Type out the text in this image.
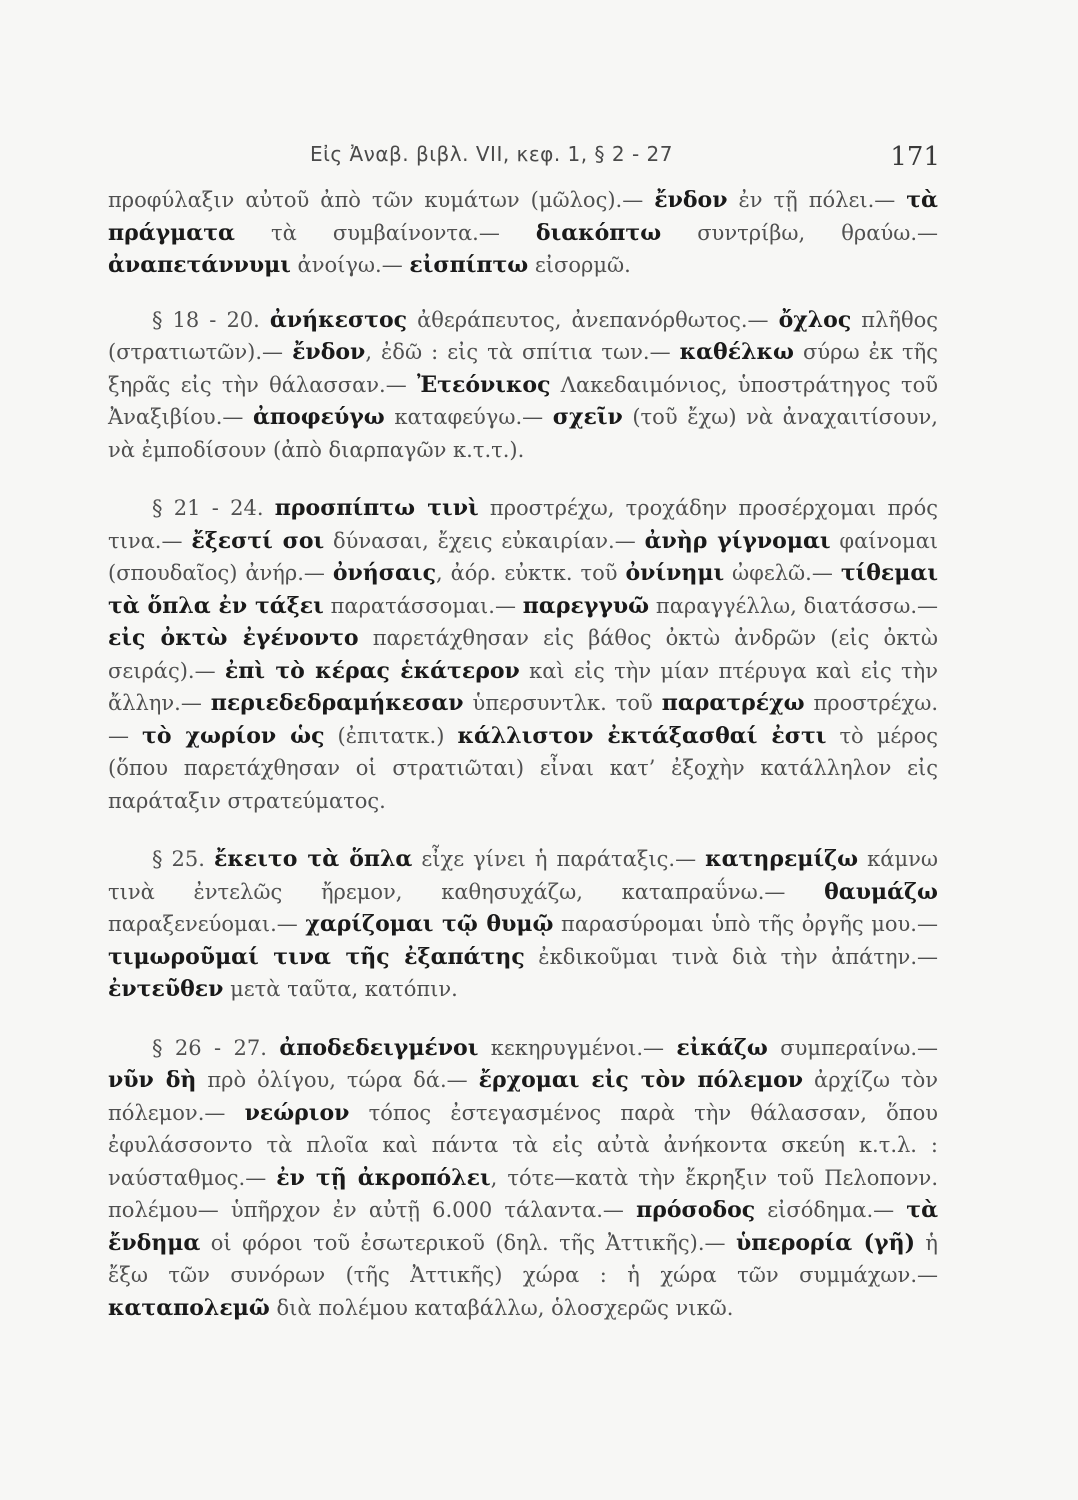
Εἰς Ἀναβ. βιβλ. VII, κεφ. 1, § 2 - 27	171

προφύλαξιν αὐτοῦ ἀπὸ τῶν κυμάτων (μῶλος).— ἔνδον ἐν τῇ πόλει.— τὰ πράγματα τὰ συμβαίνοντα.— διακόπτω συντρίβω, θραύω.— ἀναπετάννυμι ἀνοίγω.— εἰσπίπτω εἰσορμῶ.

§ 18 - 20. ἀνήκεστος ἀθεράπευτος, ἀνεπανόρθωτος.— ὄχλος πλῆθος (στρατιωτῶν).— ἔνδον, ἐδῶ : εἰς τὰ σπίτια των.— καθέλκω σύρω ἐκ τῆς ξηρᾶς εἰς τὴν θάλασσαν.— Ἐτεόνικος Λακεδαιμόνιος, ὑποστράτηγος τοῦ Ἀναξιβίου.— ἀποφεύγω καταφεύγω.— σχεῖν (τοῦ ἔχω) νὰ ἀναχαιτίσουν, νὰ ἐμποδίσουν (ἀπὸ διαρπαγῶν κ.τ.τ.).

§ 21 - 24. προσπίπτω τινὶ προστρέχω, τροχάδην προσέρχομαι πρός τινα.— ἔξεστί σοι δύνασαι, ἔχεις εὐκαιρίαν.— ἀνὴρ γίγνομαι φαίνομαι (σπουδαῖος) ἀνήρ.— ὀνήσαις, ἀόρ. εὐκτκ. τοῦ ὀνίνημι ὠφελῶ.— τίθεμαι τὰ ὅπλα ἐν τάξει παρατάσσομαι.— παρεγγυῶ παραγγέλλω, διατάσσω.— εἰς ὀκτὼ ἐγένοντο παρετάχθησαν εἰς βάθος ὀκτὼ ἀνδρῶν (εἰς ὀκτὼ σειράς).— ἐπὶ τὸ κέρας ἑκάτερον καὶ εἰς τὴν μίαν πτέρυγα καὶ εἰς τὴν ἄλλην.— περιεδεδραμήκεσαν ὑπερσυντλκ. τοῦ παρατρέχω προστρέχω.— τὸ χωρίον ὡς (ἐπιτατκ.) κάλλιστον ἐκτάξασθαί ἐστι τὸ μέρος (ὅπου παρετάχθησαν οἱ στρατιῶται) εἶναι κατ’ ἐξοχὴν κατάλληλον εἰς παράταξιν στρατεύματος.

§ 25. ἔκειτο τὰ ὅπλα εἶχε γίνει ἡ παράταξις.— κατηρεμίζω κάμνω τινὰ ἐντελῶς ἤρεμον, καθησυχάζω, καταπραΰνω.— θαυμάζω παραξενεύομαι.— χαρίζομαι τῷ θυμῷ παρασύρομαι ὑπὸ τῆς ὀργῆς μου.— τιμωροῦμαί τινα τῆς ἐξαπάτης ἐκδικοῦμαι τινὰ διὰ τὴν ἀπάτην.— ἐντεῦθεν μετὰ ταῦτα, κατόπιν.

§ 26 - 27. ἀποδεδειγμένοι κεκηρυγμένοι.— εἰκάζω συμπεραίνω.— νῦν δὴ πρὸ ὀλίγου, τώρα δά.— ἔρχομαι εἰς τὸν πόλεμον ἀρχίζω τὸν πόλεμον.— νεώριον τόπος ἐστεγασμένος παρὰ τὴν θάλασσαν, ὅπου ἐφυλάσσοντο τὰ πλοῖα καὶ πάντα τὰ εἰς αὐτὰ ἀνήκοντα σκεύη κ.τ.λ. : ναύσταθμος.— ἐν τῇ ἀκροπόλει, τότε—κατὰ τὴν ἔκρηξιν τοῦ Πελοπονν. πολέμου— ὑπῆρχον ἐν αὐτῇ 6.000 τάλαντα.— πρόσοδος εἰσόδημα.— τὰ ἔνδημα οἱ φόροι τοῦ ἐσωτερικοῦ (δηλ. τῆς Ἀττικῆς).— ὑπερορία (γῆ) ἡ ἔξω τῶν συνόρων (τῆς Ἀττικῆς) χώρα : ἡ χώρα τῶν συμμάχων.— καταπολεμῶ διὰ πολέμου καταβάλλω, ὁλοσχερῶς νικῶ.
